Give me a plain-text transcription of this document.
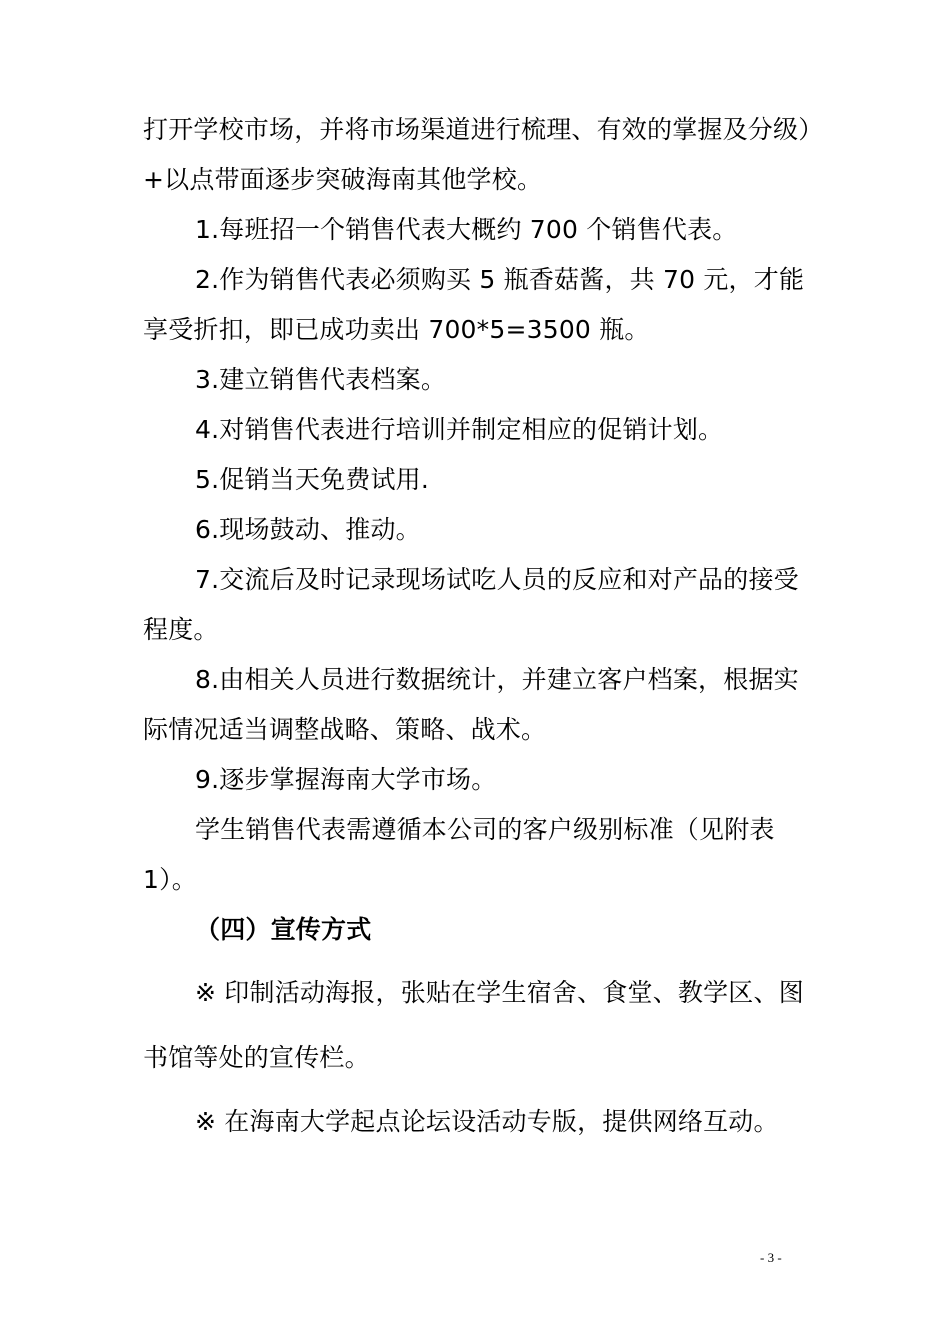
打开学校市场，并将市场渠道进行梳理、有效的掌握及分级）
+以点带面逐步突破海南其他学校。
1.每班招一个销售代表大概约 700 个销售代表。
2.作为销售代表必须购买 5 瓶香菇酱，共 70 元，才能
享受折扣，即已成功卖出 700*5=3500 瓶。
3.建立销售代表档案。
4.对销售代表进行培训并制定相应的促销计划。
5.促销当天免费试用.
6.现场鼓动、推动。
7.交流后及时记录现场试吃人员的反应和对产品的接受
程度。
8.由相关人员进行数据统计，并建立客户档案，根据实
际情况适当调整战略、策略、战术。
9.逐步掌握海南大学市场。
学生销售代表需遵循本公司的客户级别标准（见附表
1）。
（四）宣传方式
※ 印制活动海报，张贴在学生宿舍、食堂、教学区、图
书馆等处的宣传栏。
※ 在海南大学起点论坛设活动专版，提供网络互动。
- 3 -
